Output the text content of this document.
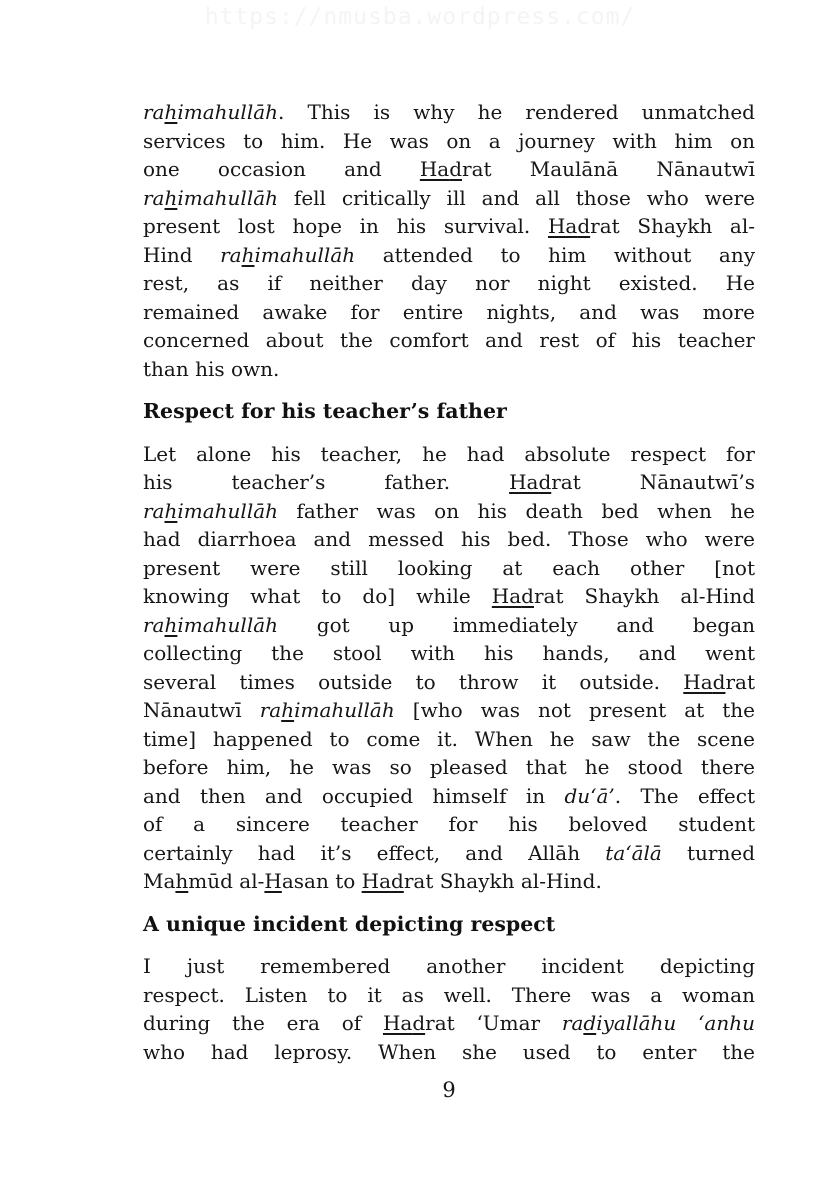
https://nmusba.wordpress.com/

rahimahullāh. This is why he rendered unmatched
services to him. He was on a journey with him on
one occasion and Hadrat Maulānā Nānautwī
rahimahullāh fell critically ill and all those who were
present lost hope in his survival. Hadrat Shaykh al-
Hind rahimahullāh attended to him without any
rest, as if neither day nor night existed. He
remained awake for entire nights, and was more
concerned about the comfort and rest of his teacher
than his own.

Respect for his teacher’s father

Let alone his teacher, he had absolute respect for
his teacher’s father. Hadrat Nānautwī’s
rahimahullāh father was on his death bed when he
had diarrhoea and messed his bed. Those who were
present were still looking at each other [not
knowing what to do] while Hadrat Shaykh al-Hind
rahimahullāh got up immediately and began
collecting the stool with his hands, and went
several times outside to throw it outside. Hadrat
Nānautwī rahimahullāh [who was not present at the
time] happened to come it. When he saw the scene
before him, he was so pleased that he stood there
and then and occupied himself in du‘ā’. The effect
of a sincere teacher for his beloved student
certainly had it’s effect, and Allāh ta‘ālā turned
Mahmūd al-Hasan to Hadrat Shaykh al-Hind.

A unique incident depicting respect

I just remembered another incident depicting
respect. Listen to it as well. There was a woman
during the era of Hadrat ‘Umar radiyallāhu ‘anhu
who had leprosy. When she used to enter the

9
